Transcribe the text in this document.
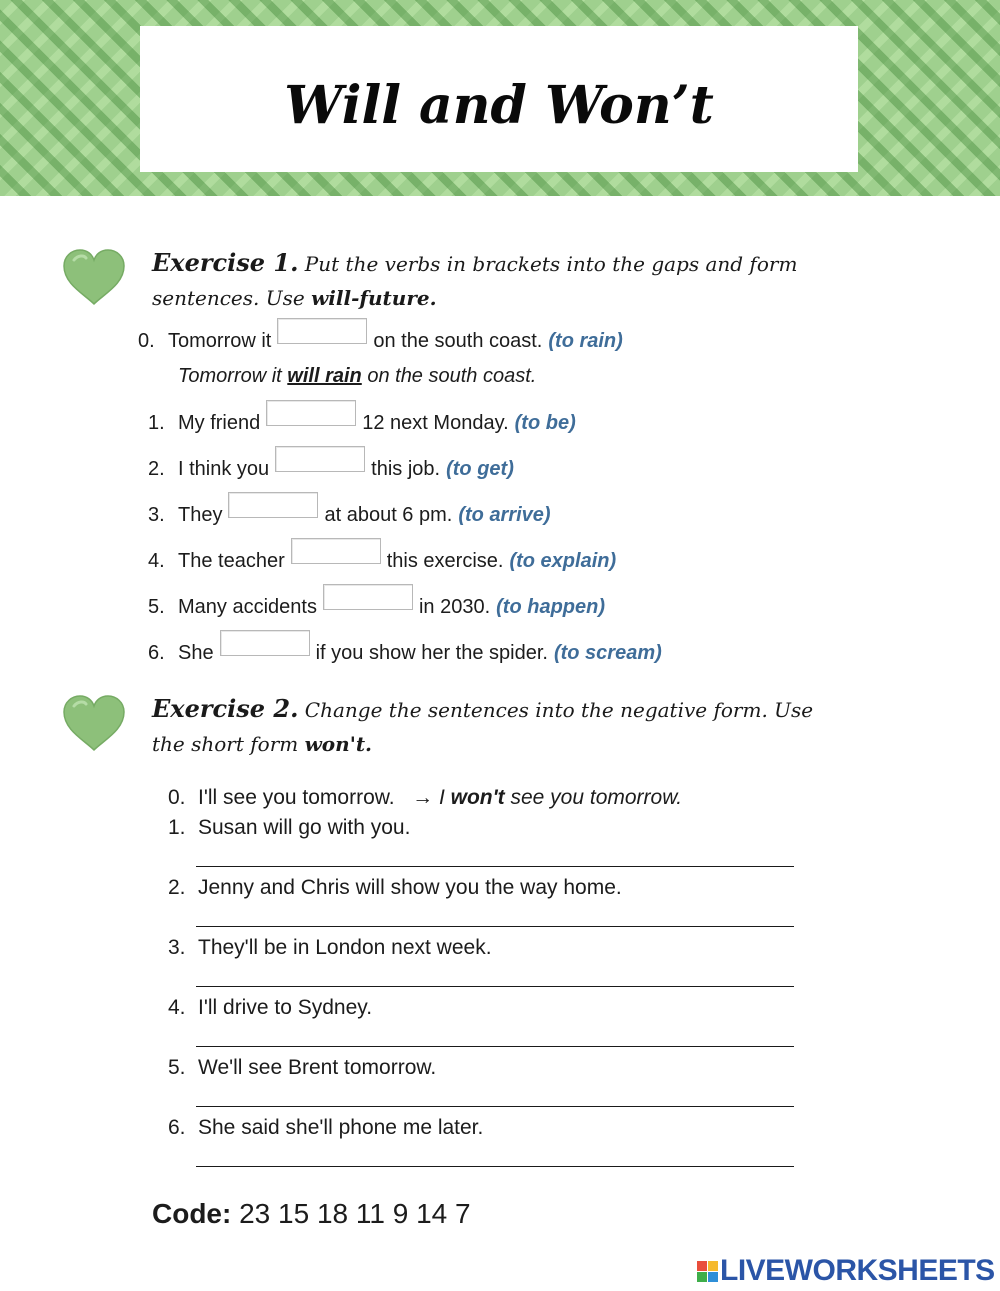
Will and Won’t
Exercise 1. Put the verbs in brackets into the gaps and form sentences. Use will-future.
0. Tomorrow it	on the south coast. (to rain)
Tomorrow it will rain on the south coast.
1. My friend	12 next Monday. (to be)
2. I think you	this job. (to get)
3. They	at about 6 pm. (to arrive)
4. The teacher	this exercise. (to explain)
5. Many accidents	in 2030. (to happen)
6. She	if you show her the spider. (to scream)
Exercise 2. Change the sentences into the negative form. Use the short form won't.
0. I'll see you tomorrow. → I won't see you tomorrow.
1. Susan will go with you.
2. Jenny and Chris will show you the way home.
3. They'll be in London next week.
4. I'll drive to Sydney.
5. We'll see Brent tomorrow.
6. She said she'll phone me later.
Code: 23 15 18 11 9 14 7
LIVEWORKSHEETS
